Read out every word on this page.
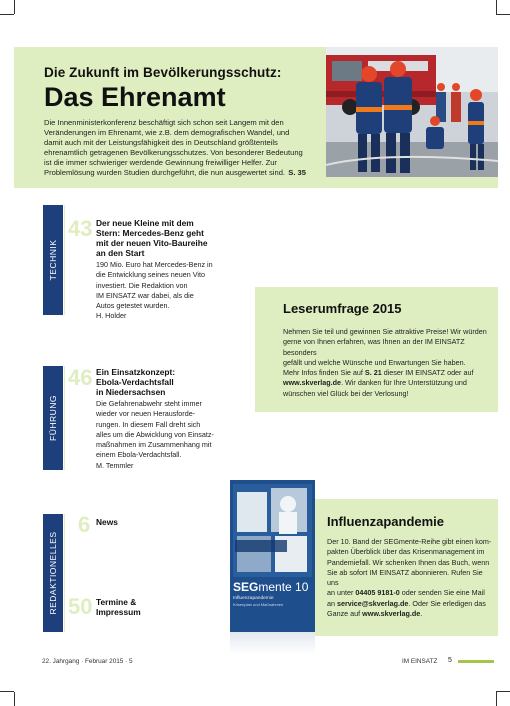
Die Zukunft im Bevölkerungsschutz:
Das Ehrenamt
Die Innenministerkonferenz beschäftigt sich schon seit Langem mit den Veränderungen im Ehrenamt, wie z.B. dem demografischen Wandel, und damit auch mit der Leistungsfähigkeit des in Deutschland größtenteils ehrenamtlich getragenen Bevölkerungsschutzes. Von besonderer Bedeutung ist die immer schwieriger werdende Gewinnung freiwilliger Helfer. Zur Problemlösung wurden Studien durchgeführt, die nun ausgewertet sind. S. 35
TECHNIK
FÜHRUNG
REDAKTIONELLES
43 Der neue Kleine mit dem
Stern: Mercedes-Benz geht
mit der neuen Vito-Baureihe
an den Start
190 Mio. Euro hat Mercedes-Benz in
die Entwicklung seines neuen Vito
investiert. Die Redaktion von
IM EINSATZ war dabei, als die
Autos getestet wurden.
H. Holder
46 Ein Einsatzkonzept:
Ebola-Verdachtsfall
in Niedersachsen
Die Gefahrenabwehr steht immer
wieder vor neuen Herausforde-
rungen. In diesem Fall dreht sich
alles um die Abwicklung von Einsatz-
maßnahmen im Zusammenhang mit
einem Ebola-Verdachtsfall.
M. Temmler
6 News
50 Termine &
Impressum
Leserumfrage 2015
Nehmen Sie teil und gewinnen Sie attraktive Preise! Wir würden
gerne von Ihnen erfahren, was Ihnen an der IM EINSATZ besonders
gefällt und welche Wünsche und Erwartungen Sie haben.
Mehr Infos finden Sie auf S. 21 dieser IM EINSATZ oder auf
www.skverlag.de. Wir danken für Ihre Unterstützung und
wünschen viel Glück bei der Verlosung!
SEGmente 10
Influenzapandemie
Krisenplan und Maßnahmen
Influenzapandemie
Der 10. Band der SEGmente-Reihe gibt einen kom-
pakten Überblick über das Krisenmanagement im
Pandemiefall. Wir schenken Ihnen das Buch, wenn
Sie ab sofort IM EINSATZ abonnieren. Rufen Sie uns
an unter 04405 9181-0 oder senden Sie eine Mail
an service@skverlag.de. Oder Sie erledigen das
Ganze auf www.skverlag.de.
22. Jahrgang · Februar 2015 · 5	IM EINSATZ 5
